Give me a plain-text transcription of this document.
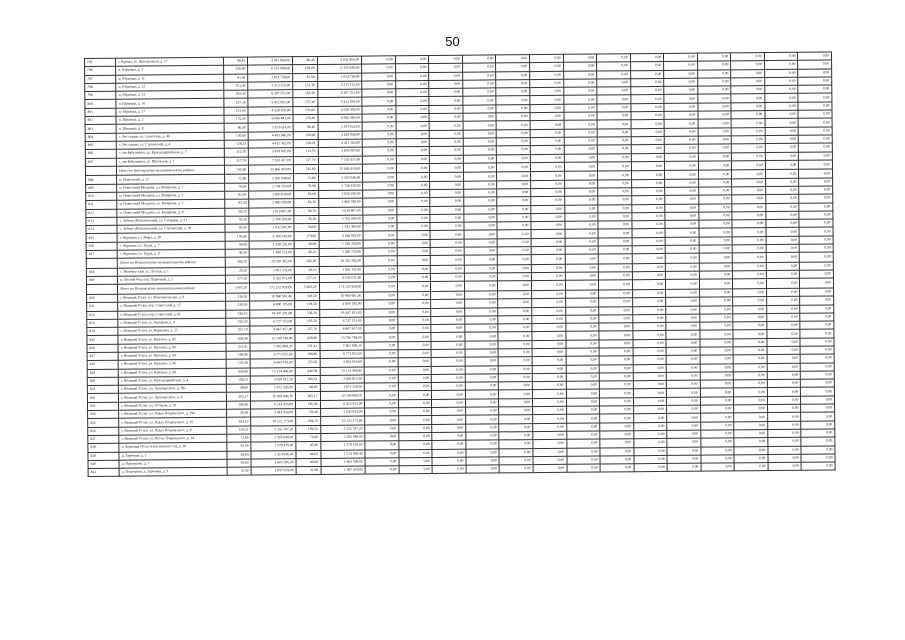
50
795	г. Кромы, ул. Центральная, д. 17	86,45	3 341 864,00	86,45	5 041 864,00	0,00	0,00	0,00	0,00	0,00	0,00	0,00	0,00	0,00	0,00	0,00	0,00	0,00	0,00
796	п. Юрьевка, д. 1	158,90	6 155 949,60	158,90	6 155 949,60	0,00	0,00	0,00	0,00	0,00	0,00	0,00	0,00	0,00	0,00	0,00	0,00	0,00	0,00
797	п. Юрьевка, д. 11	81,80	2 814 738,00	81,80	2 814 738,00	0,00	0,00	0,00	0,00	0,00	0,00	0,00	0,00	0,00	0,00	0,00	0,00	0,00	0,00
798	п. Юрьевка, д. 12	151,30	5 213 115,00	151,30	5 213 115,00	0,00	0,00	0,00	0,00	0,00	0,00	0,00	0,00	0,00	0,00	0,00	0,00	0,00	0,00
799	п. Юрьевка, д. 13	183,30	6 307 551,00	183,30	6 307 551,00	0,00	0,00	0,00	0,00	0,00	0,00	0,00	0,00	0,00	0,00	0,00	0,00	0,00	0,00
800	п. Юрьевка, д. 16	157,30	5 412 693,00	157,30	5 412 693,00	0,00	0,00	0,00	0,00	0,00	0,00	0,00	0,00	0,00	0,00	0,00	0,00	0,00	0,00
801	п. Юрьевка, д. 17	131,60	4 528 356,00	131,60	4 528 356,00	0,00	0,00	0,00	0,00	0,00	0,00	0,00	0,00	0,00	0,00	0,00	0,00	0,00	0,00
802	п. Юрьевка, д. 2	176,30	6 066 483,00	176,30	6 066 483,00	0,00	0,00	0,00	0,00	0,00	0,00	0,00	0,00	0,00	0,00	0,00	0,00	0,00	0,00
803	п. Юрьевка, д. 8	86,40	2 973 024,00	86,40	2 973 024,00	0,00	0,00	0,00	0,00	0,00	0,00	0,00	0,00	0,00	0,00	0,00	0,00	0,00	0,00
804	с. Росстаньи, ул. Советская, д. 46	130,60	4 493 946,00	130,60	4 493 946,00	0,00	0,00	0,00	0,00	0,00	0,00	0,00	0,00	0,00	0,00	0,00	0,00	0,00	0,00
805	с. Росстаньи, ул. Строителей, д. 4	128,23	4 411 362,00	128,23	4 411 362,00	0,00	0,00	0,00	0,00	0,00	0,00	0,00	0,00	0,00	0,00	0,00	0,00	0,00	0,00
806	с. им Бабушкина, ул. Краснодарзейская, д. 7	112,70	3 878 007,00	112,70	3 878 007,00	0,00	0,00	0,00	0,00	0,00	0,00	0,00	0,00	0,00	0,00	0,00	0,00	0,00	0,00
807	с. им Бабушкина, ул. Школьная, д. 1	217,79	7 333 417,00	217,79	7 333 417,00	0,00	0,00	0,00	0,00	0,00	0,00	0,00	0,00	0,00	0,00	0,00	0,00	0,00	0,00
	Итого по Белозерскому муниципальному району:	745,90	25 666 419,00	745,90	25 666 419,00	0,00	0,00	0,00	0,00	0,00	0,00	0,00	0,00	0,00	0,00	0,00	0,00	0,00	0,00
808	п. Новоселий, д. 27	72,80	2 505 048,00	72,80	2 505 048,00	0,00	0,00	0,00	0,00	0,00	0,00	0,00	0,00	0,00	0,00	0,00	0,00	0,00	0,00
809	п. Новоселий Молдова, ул. Комарова, д. 1	79,90	2 749 359,00	79,90	2 749 359,00	0,00	0,00	0,00	0,00	0,00	0,00	0,00	0,00	0,00	0,00	0,00	0,00	0,00	0,00
810	п. Новоселий Молдова, ул. Комарова, д. 2	83,00	2 856 030,00	83,00	2 856 030,00	0,00	0,00	0,00	0,00	0,00	0,00	0,00	0,00	0,00	0,00	0,00	0,00	0,00	0,00
811	п. Новоселий Молдова, ул. Комарова, д. 5	83,30	2 866 599,00	83,30	2 866 599,00	0,00	0,00	0,00	0,00	0,00	0,00	0,00	0,00	0,00	0,00	0,00	0,00	0,00	0,00
812	п. Новоселий Молдова, ул. Комарова, д. 8	58,70	2 019 867,00	58,70	2 019 867,00	0,00	0,00	0,00	0,00	0,00	0,00	0,00	0,00	0,00	0,00	0,00	0,00	0,00	0,00
813	с. Зубово (Поваленский), ул. Гагарина, д. 21	78,30	2 704 509,00	78,30	2 704 509,00	0,00	0,00	0,00	0,00	0,00	0,00	0,00	0,00	0,00	0,00	0,00	0,00	0,00	0,00
814	с. Зубово (Поваленский), ул. Строителей, д. 30	30,00	1 032 300,00	30,00	1 032 300,00	0,00	0,00	0,00	0,00	0,00	0,00	0,00	0,00	0,00	0,00	0,00	0,00	0,00	0,00
815	с. Куркино, ул. Мира, д. 30	179,80	6 186 918,00	179,80	6 186 918,00	0,00	0,00	0,00	0,00	0,00	0,00	0,00	0,00	0,00	0,00	0,00	0,00	0,00	0,00
816	с. Куркино, ул. Труда, д. 7	39,00	1 328 226,00	39,00	1 328 226,00	0,00	0,00	0,00	0,00	0,00	0,00	0,00	0,00	0,00	0,00	0,00	0,00	0,00	0,00
817	с. Куркино, ул. Труда, д. 9	40,10	1 380 723,00	40,10	1 380 723,00	0,00	0,00	0,00	0,00	0,00	0,00	0,00	0,00	0,00	0,00	0,00	0,00	0,00	0,00
	Итого по Поваленскому муниципальному району:	566,20	19 320 342,00	566,20	19 320 342,00	0,00	0,00	0,00	0,00	0,00	0,00	0,00	0,00	0,00	0,00	0,00	0,00	0,00	0,00
818	с. Нелобутский, ул. Лесная, д. 1	29,10	1 001 331,00	29,10	1 001 331,00	0,00	0,00	0,00	0,00	0,00	0,00	0,00	0,00	0,00	0,00	0,00	0,00	0,00	0,00
819	п. Лесной бор, пер. Парковый, д. 2	277,10	9 535 011,00	277,10	9 535 011,00	0,00	0,00	0,00	0,00	0,00	0,00	0,00	0,00	0,00	0,00	0,00	0,00	0,00	0,00
	Итого по Покровскому муниципальному району:	5 005,20	172 232 928,00	5 005,20	172 232 928,00	0,00	0,00	0,00	0,00	0,00	0,00	0,00	0,00	0,00	0,00	0,00	0,00	0,00	0,00
820	г. Великий Устюг, ул. Комсомольская, д. 8	318,50	10 960 961,40	318,50	10 960 961,40	0,00	0,00	0,00	0,00	0,00	0,00	0,00	0,00	0,00	0,00	0,00	0,00	0,00	0,00
821	г. Великий Устюг, пер. Советский, д. 17	139,50	4 800 195,00	139,50	4 800 195,00	0,00	0,00	0,00	0,00	0,00	0,00	0,00	0,00	0,00	0,00	0,00	0,00	0,00	0,00
822	г. Великий Устюг, пер. Советский, д. 61	536,10	18 447 201,00	536,10	18 447 201,00	0,00	0,00	0,00	0,00	0,00	0,00	0,00	0,00	0,00	0,00	0,00	0,00	0,00	0,00
823	г. Великий Устюг, ул. Задорная, д. 9	195,50	6 727 155,00	195,50	6 727 155,00	0,00	0,00	0,00	0,00	0,00	0,00	0,00	0,00	0,00	0,00	0,00	0,00	0,00	0,00
824	г. Великий Устюг, ул. Кирилова, д. 25	257,70	8 867 457,00	257,70	8 867 457,00	0,00	0,00	0,00	0,00	0,00	0,00	0,00	0,00	0,00	0,00	0,00	0,00	0,00	0,00
825	г. Великий Устюг, ул. Красина, д. 85	458,90	15 790 749,00	458,90	15 790 749,00	0,00	0,00	0,00	0,00	0,00	0,00	0,00	0,00	0,00	0,00	0,00	0,00	0,00	0,00
826	г. Великий Устюг, ул. Красина, д. 86	231,41	7 962 808,20	231,41	7 962 808,20	0,00	0,00	0,00	0,00	0,00	0,00	0,00	0,00	0,00	0,00	0,00	0,00	0,00	0,00
827	г. Великий Устюг, ул. Красина, д. 94	196,86	6 773 952,60	196,86	6 773 952,60	0,00	0,00	0,00	0,00	0,00	0,00	0,00	0,00	0,00	0,00	0,00	0,00	0,00	0,00
828	г. Великий Устюг, ул. Красина, д. 96	135,56	4 664 619,60	135,56	4 664 619,60	0,00	0,00	0,00	0,00	0,00	0,00	0,00	0,00	0,00	0,00	0,00	0,00	0,00	0,00
829	г. Великий Устюг, ул. Красина, д. 98	440,99	15 174 466,80	440,99	15 174 466,80	0,00	0,00	0,00	0,00	0,00	0,00	0,00	0,00	0,00	0,00	0,00	0,00	0,00	0,00
830	г. Великий Устюг, ул. Красноармейская, д. 4	106,51	3 629 812,50	106,51	3 629 812,50	0,00	0,00	0,00	0,00	0,00	0,00	0,00	0,00	0,00	0,00	0,00	0,00	0,00	0,00
831	г. Великий Устюг, ул. Луначарского, д. 38а	48,60	1 672 326,00	48,60	1 672 326,00	0,00	0,00	0,00	0,00	0,00	0,00	0,00	0,00	0,00	0,00	0,00	0,00	0,00	0,00
832	г. Великий Устюг, ул. Луначарского, д. 8	305,17	10 500 899,70	305,17	10 500 899,70	0,00	0,00	0,00	0,00	0,00	0,00	0,00	0,00	0,00	0,00	0,00	0,00	0,00	0,00
833	г. Великий Устюг, ул. Осовная, д. 20	186,96	6 314 435,09	186,96	6 314 435,09	0,00	0,00	0,00	0,00	0,00	0,00	0,00	0,00	0,00	0,00	0,00	0,00	0,00	0,00
834	г. Великий Устюг, ул. Павла Покровского, д. 19в	59,40	2 043 954,00	59,40	2 043 954,00	0,00	0,00	0,00	0,00	0,00	0,00	0,00	0,00	0,00	0,00	0,00	0,00	0,00	0,00
835	г. Великий Устюг, ул. Павла Покровского, д. 16	294,10	10 122 273,00	294,10	10 122 273,00	0,00	0,00	0,00	0,00	0,00	0,00	0,00	0,00	0,00	0,00	0,00	0,00	0,00	0,00
836	г. Великий Устюг, ул. Павла Покровского, д. 8	159,52	5 555 797,20	159,52	5 555 797,20	0,00	0,00	0,00	0,00	0,00	0,00	0,00	0,00	0,00	0,00	0,00	0,00	0,00	0,00
837	г. Великий Устюг, ул. Песок-Покровского, д. 24	72,80	2 505 048,00	72,80	2 505 048,00	0,00	0,00	0,00	0,00	0,00	0,00	0,00	0,00	0,00	0,00	0,00	0,00	0,00	0,00
838	д. Березник (Усть-Алексеевское с/п), д. 18	45,90	1 579 419,00	45,90	1 579 419,00	0,00	0,00	0,00	0,00	0,00	0,00	0,00	0,00	0,00	0,00	0,00	0,00	0,00	0,00
839	д. Заречная, д. 1	44,04	1 514 936,40	44,04	1 514 936,40	0,00	0,00	0,00	0,00	0,00	0,00	0,00	0,00	0,00	0,00	0,00	0,00	0,00	0,00
840	д. Прилуково, д. 7	46,60	1 603 506,00	46,60	1 603 506,00	0,00	0,00	0,00	0,00	0,00	0,00	0,00	0,00	0,00	0,00	0,00	0,00	0,00	0,00
841	д. Подгорная, д. Заречная, д. 3	31,90	1 097 679,00	31,90	1 097 679,00	0,00	0,00	0,00	0,00	0,00	0,00	0,00	0,00	0,00	0,00	0,00	0,00	0,00	0,00
